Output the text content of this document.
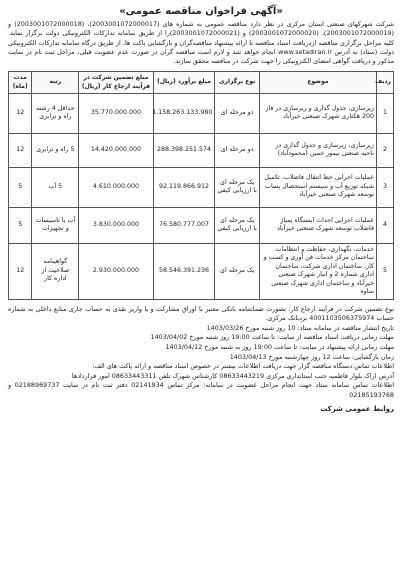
«آگهی فراخوان مناقصه عمومی»
شرکت شهرکهای صنعتی استان مرکزی در نظر دارد مناقصه عمومی به شماره های (2003001072000017)، (2003001072000018) و (2003001072000019)، (2003001072000020) و (2003001072000021)را از طریق سامانه تدارکات الکترونیکی دولت برگزار نماید. کلیه مراحل برگزاری مناقصه ازدریافت اسناد مناقصه تا ارائه پیشنهاد مناقصه‌گران و بازگشایی پاکت ها، از طریق درگاه سامانه تدارکات الکترونیکی دولت (ستاد) به آدرس www.setadiran.ir انجام خواهد شد و لازم است مناقصه گران در صورت عدم عضویت قبلی، مراحل ثبت نام در سایت مذکور و دریافت گواهی امضای الکترونیکی را جهت شرکت در مناقصه محقق سازند.
ردیف	موضوع	نوع برگزاری	مبلغ برآورد (ریال)	مبلغ تضمین شرکت در فرآیند ارجاع کار (ریال)	رتبه	مدت (ماه)
1	زیرسازی، جدول گذاری و زیرسازی در فاز 200 هکتاری شهرک صنعتی خیرآباد	دو مرحله ای	1.158.263.133.980	35.770.000.000	حداقل 4 رشته راه و ترابری	12
2	زیرسازی، زیرسازی و جدول گذاری در ناحیه صنعتی نیمور خمین (محمودآباد)	دو مرحله ای	288.398.251.574	14.420.000.000	5 راه و ترابری	12
3	عملیات اجرایی خط انتقال فاضلاب، تکمیل شبکه توزیع آب و سیستم استحصال پساب توسعه شهرک صنعتی خیرآباد	یک مرحله ای با ارزیابی کیفی	92.119.866.912	4.610.000.000	5 آب	5
4	عملیات اجرایی احداث ایستگاه پمپاژ فاضلاب توسعه شهرک صنعتی خیرآباد	یک مرحله ای با ارزیابی کیفی	76.580.777.007	3.830.000.000	آب یا تاسیسات و تجهیزات	5
5	خدمات، نگهداری، حفاظت و انتظامات ساختمان مرکز خدمات فن آوری و کسب و کار، ساختمان اداری شرکت، ساختمان اداری شماره 2 و انبار شهرک صنعتی خیرآباد و ساختمان اداری شهرک صنعتی ساوه	یک مرحله ای	58.546.391.236	2.930.000.000	گواهینامه صلاحیت از اداره کار	12
نوع تضمین شرکت در فرآیند ارجاع کار: بصورت ضمانتنامه بانکی معتبر با اوراق مشارکت و یا واریز نقدی به حساب جاری منابع داخلی به شماره حساب 4001103506375974 نزدبانک مرکزی.
تاریخ انتشار مناقصه در سامانه ستاد: 10 روز شنبه مورخ 1403/03/26
مهلت زمانی دریافت اسناد مناقصه از سایت: تا ساعت 19:00 روز شنبه مورخ 1403/04/02
مهلت زمانی ارائه پیشنهاد در سایت: تا ساعت 19:00 روز به شنبه مورخ 1403/04/12
زمان بازگشایی: ساعت 12 روز چهارشنبه مورخ 1403/04/13
اطلاعات تماس دستگاه مناقصه گزار جهت دریافت اطلاعات بیشتر در خصوص اسناد مناقصه و ارائه پاکت های الف:
آدرس اراک بلوار فاطمیه جنب استانداری مرکزی 08633443219 کارشناس شهرک تلفن 08633443311 امور قراردادها
اطلاعات تماس سامانه ستاد جهت انجام مراحل عضویت در سامانه: مرکز تماس 02141934 دفتر ثبت نام در سایت 02188969737 و 02185193768
روابط عمومی شرکت
